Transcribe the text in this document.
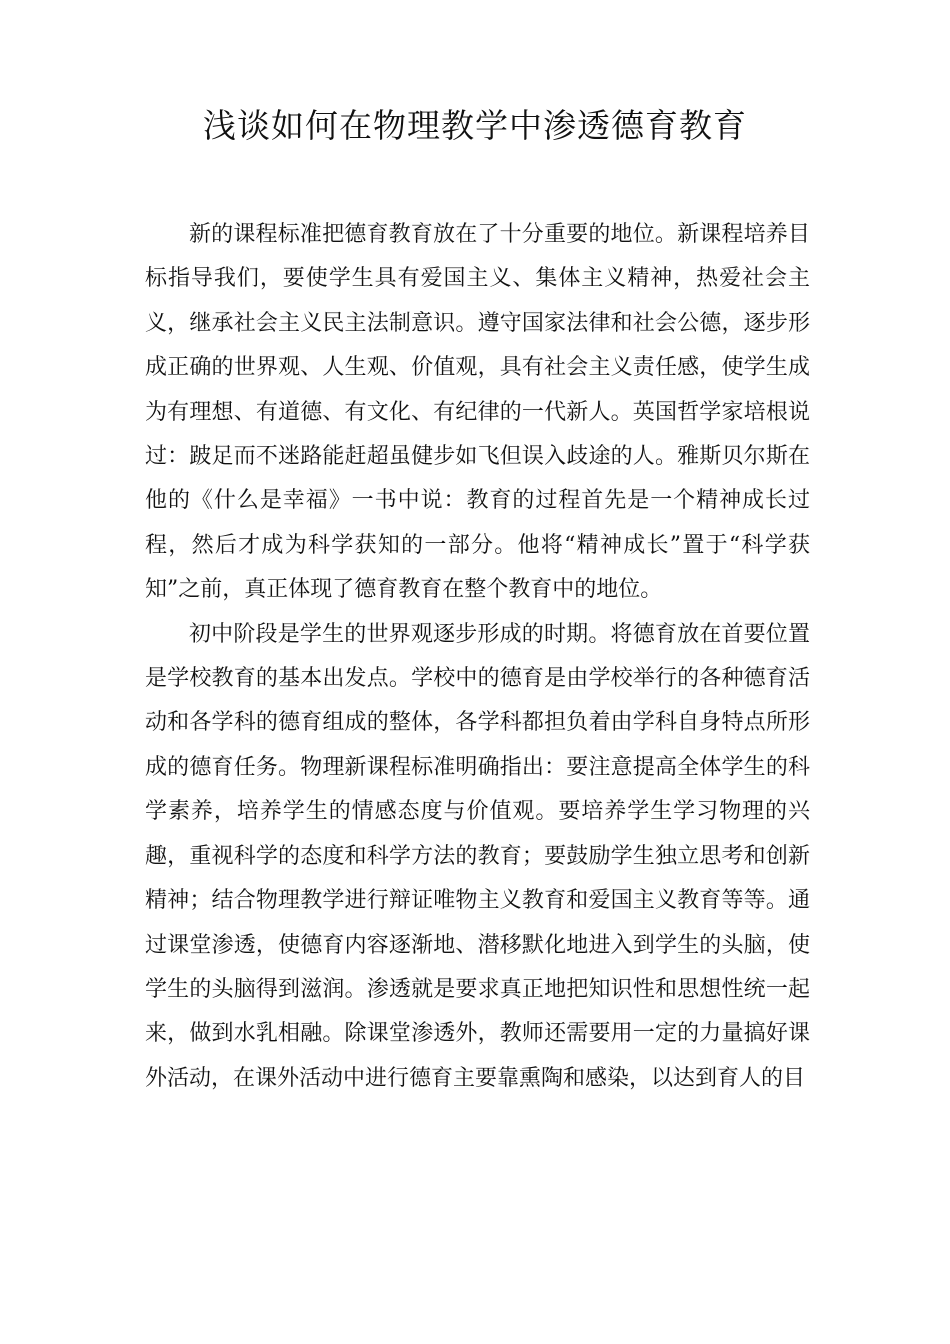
浅谈如何在物理教学中渗透德育教育

新的课程标准把德育教育放在了十分重要的地位。新课程培养目标指导我们，要使学生具有爱国主义、集体主义精神，热爱社会主义，继承社会主义民主法制意识。遵守国家法律和社会公德，逐步形成正确的世界观、人生观、价值观，具有社会主义责任感，使学生成为有理想、有道德、有文化、有纪律的一代新人。英国哲学家培根说过：跛足而不迷路能赶超虽健步如飞但误入歧途的人。雅斯贝尔斯在他的《什么是幸福》一书中说：教育的过程首先是一个精神成长过程，然后才成为科学获知的一部分。他将“精神成长”置于“科学获知”之前，真正体现了德育教育在整个教育中的地位。

初中阶段是学生的世界观逐步形成的时期。将德育放在首要位置是学校教育的基本出发点。学校中的德育是由学校举行的各种德育活动和各学科的德育组成的整体，各学科都担负着由学科自身特点所形成的德育任务。物理新课程标准明确指出：要注意提高全体学生的科学素养，培养学生的情感态度与价值观。要培养学生学习物理的兴趣，重视科学的态度和科学方法的教育；要鼓励学生独立思考和创新精神；结合物理教学进行辩证唯物主义教育和爱国主义教育等等。通过课堂渗透，使德育内容逐渐地、潜移默化地进入到学生的头脑，使学生的头脑得到滋润。渗透就是要求真正地把知识性和思想性统一起来，做到水乳相融。除课堂渗透外，教师还需要用一定的力量搞好课外活动，在课外活动中进行德育主要靠熏陶和感染，以达到育人的目
